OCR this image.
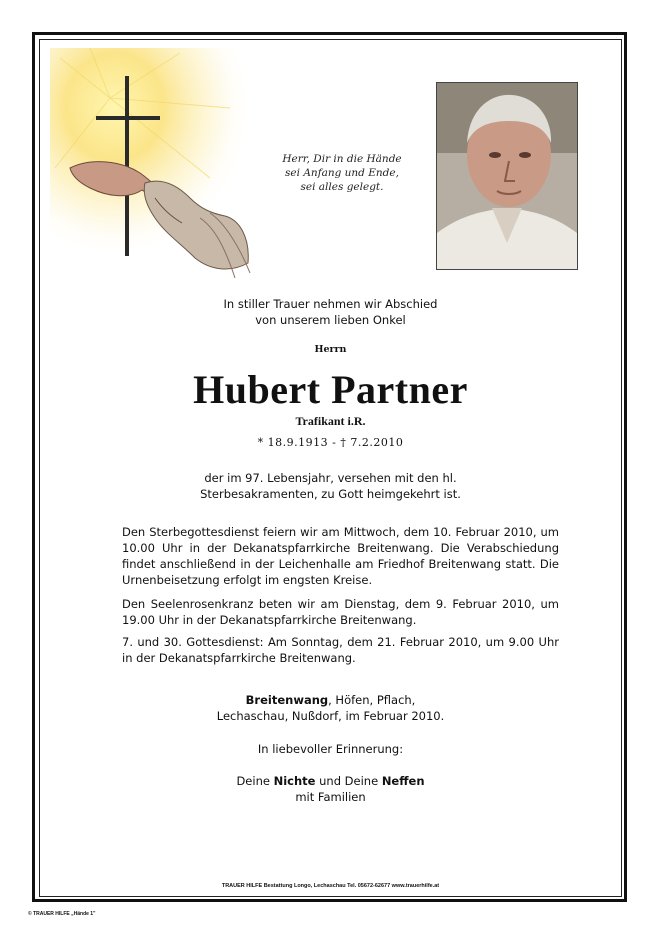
Herr, Dir in die Hände
sei Anfang und Ende,
sei alles gelegt.
In stiller Trauer nehmen wir Abschied
von unserem lieben Onkel
Herrn
Hubert Partner
Trafikant i.R.
* 18.9.1913 - † 7.2.2010
der im 97. Lebensjahr, versehen mit den hl.
Sterbesakramenten, zu Gott heimgekehrt ist.
Den Sterbegottesdienst feiern wir am Mittwoch, dem 10. Februar 2010, um 10.00 Uhr in der Dekanatspfarrkirche Breitenwang. Die Verabschiedung findet anschließend in der Leichenhalle am Friedhof Breitenwang statt. Die Urnenbeisetzung erfolgt im engsten Kreise.
Den Seelenrosenkranz beten wir am Dienstag, dem 9. Februar 2010, um 19.00 Uhr in der Dekanatspfarrkirche Breitenwang.
7. und 30. Gottesdienst: Am Sonntag, dem 21. Februar 2010, um 9.00 Uhr in der Dekanatspfarrkirche Breitenwang.
Breitenwang, Höfen, Pflach,
Lechaschau, Nußdorf, im Februar 2010.
In liebevoller Erinnerung:
Deine Nichte und Deine Neffen
mit Familien
TRAUER HILFE Bestattung Longo, Lechaschau Tel. 05672-62677 www.trauerhilfe.at
© TRAUER HILFE „Hände 1"
